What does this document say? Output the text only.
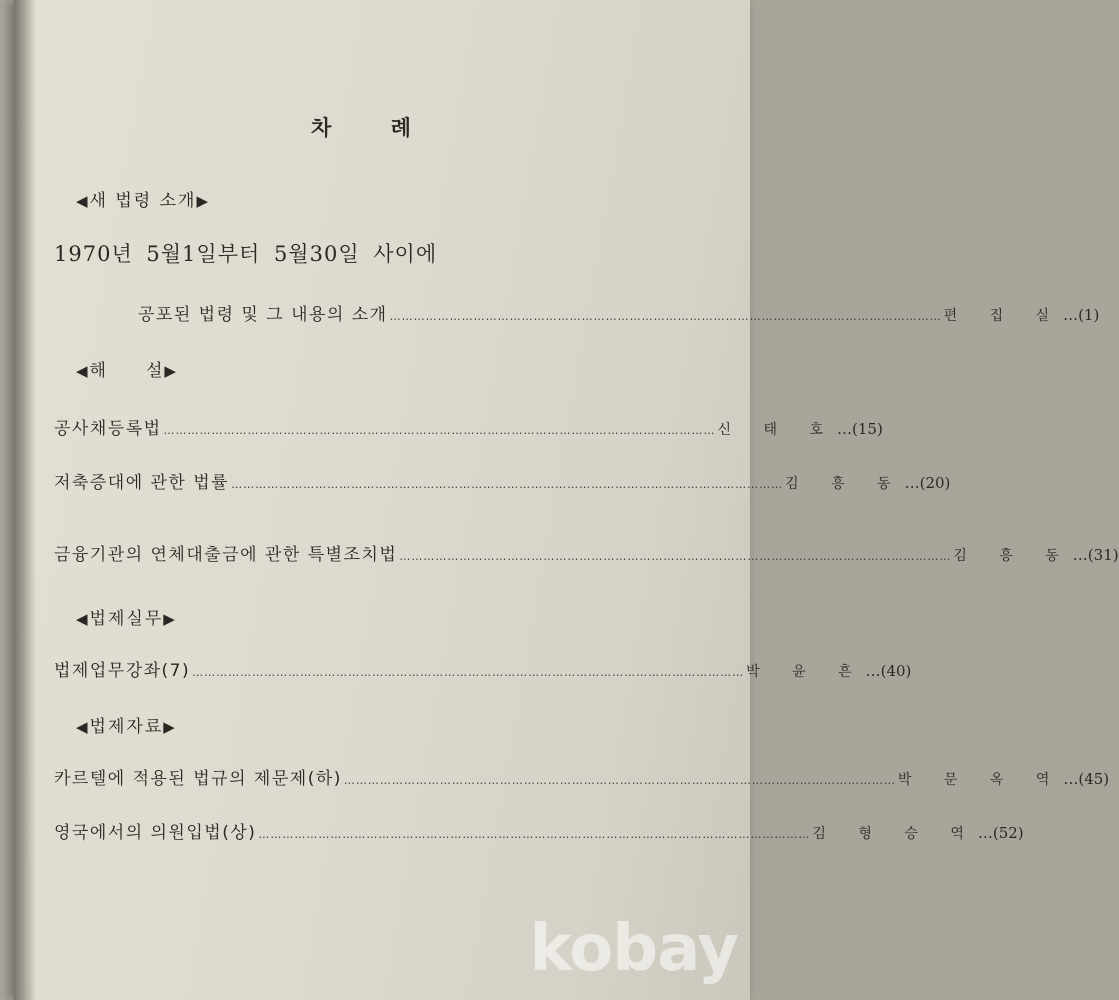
차 례
◀새 법령 소개▶
1970년 5월1일부터 5월30일 사이에
공포된 법령 및 그 내용의 소개 ………………………………………………………………………………………………………………………… 편 집 실 …(1)
◀해　　설▶
공사채등록법 ………………………………………………………………………………………………………………………… 신 태 호 …(15)
저축증대에 관한 법률 ………………………………………………………………………………………………………………………… 김 흥 동 …(20)
금융기관의 연체대출금에 관한 특별조치법 ………………………………………………………………………………………………………………………… 김 흥 동 …(31)
◀법제실무▶
법제업무강좌(7) ………………………………………………………………………………………………………………………… 박 윤 흔 …(40)
◀법제자료▶
카르텔에 적용된 법규의 제문제(하) ………………………………………………………………………………………………………………………… 박 문 옥 역 …(45)
영국에서의 의원입법(상) ………………………………………………………………………………………………………………………… 김 형 승 역 …(52)
kobay
